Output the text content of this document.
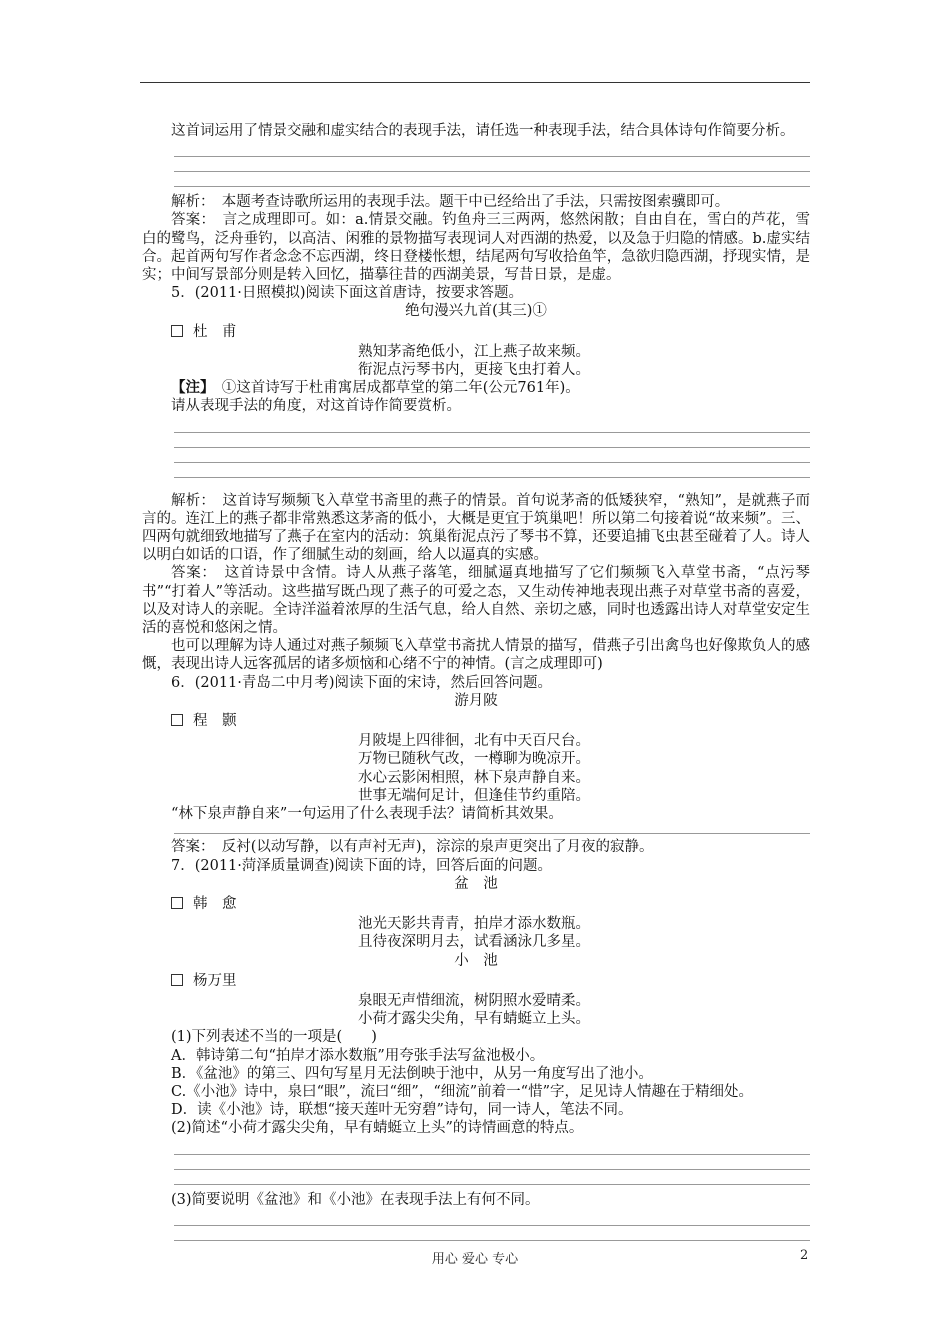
这首词运用了情景交融和虚实结合的表现手法，请任选一种表现手法，结合具体诗句作简要分析。

解析：　本题考查诗歌所运用的表现手法。题干中已经给出了手法，只需按图索骥即可。

答案：　言之成理即可。如：a.情景交融。钓鱼舟三三两两，悠然闲散；自由自在，雪白的芦花，雪白的鹭鸟，泛舟垂钓，以高洁、闲雅的景物描写表现词人对西湖的热爱，以及急于归隐的情感。b.虚实结合。起首两句写作者念念不忘西湖，终日登楼怅想，结尾两句写收拾鱼竿，急欲归隐西湖，抒现实情，是实；中间写景部分则是转入回忆，描摹往昔的西湖美景，写昔日景，是虚。

5．(2011·日照模拟)阅读下面这首唐诗，按要求答题。

绝句漫兴九首(其三)①

杜　甫

熟知茅斋绝低小，江上燕子故来频。

衔泥点污琴书内，更接飞虫打着人。

【注】　①这首诗写于杜甫寓居成都草堂的第二年(公元761年)。

请从表现手法的角度，对这首诗作简要赏析。

解析：　这首诗写频频飞入草堂书斋里的燕子的情景。首句说茅斋的低矮狭窄，“熟知”，是就燕子而言的。连江上的燕子都非常熟悉这茅斋的低小，大概是更宜于筑巢吧！所以第二句接着说“故来频”。三、四两句就细致地描写了燕子在室内的活动：筑巢衔泥点污了琴书不算，还要追捕飞虫甚至碰着了人。诗人以明白如话的口语，作了细腻生动的刻画，给人以逼真的实感。

答案：　这首诗景中含情。诗人从燕子落笔，细腻逼真地描写了它们频频飞入草堂书斋，“点污琴书”“打着人”等活动。这些描写既凸现了燕子的可爱之态，又生动传神地表现出燕子对草堂书斋的喜爱，以及对诗人的亲昵。全诗洋溢着浓厚的生活气息，给人自然、亲切之感，同时也透露出诗人对草堂安定生活的喜悦和悠闲之情。

也可以理解为诗人通过对燕子频频飞入草堂书斋扰人情景的描写，借燕子引出禽鸟也好像欺负人的感慨，表现出诗人远客孤居的诸多烦恼和心绪不宁的神情。(言之成理即可)

6．(2011·青岛二中月考)阅读下面的宋诗，然后回答问题。

游月陂

程　颢

月陂堤上四徘徊，北有中天百尺台。

万物已随秋气改，一樽聊为晚凉开。

水心云影闲相照，林下泉声静自来。

世事无端何足计，但逢佳节约重陪。

“林下泉声静自来”一句运用了什么表现手法？请简析其效果。

答案：　反衬(以动写静，以有声衬无声)，淙淙的泉声更突出了月夜的寂静。

7．(2011·菏泽质量调查)阅读下面的诗，回答后面的问题。

盆　池

韩　愈

池光天影共青青，拍岸才添水数瓶。

且待夜深明月去，试看涵泳几多星。

小　池

杨万里

泉眼无声惜细流，树阴照水爱晴柔。

小荷才露尖尖角，早有蜻蜓立上头。

(1)下列表述不当的一项是(　　)

A．韩诗第二句“拍岸才添水数瓶”用夸张手法写盆池极小。

B．《盆池》的第三、四句写星月无法倒映于池中，从另一角度写出了池小。

C.《小池》诗中，泉曰“眼”，流曰“细”，“细流”前着一“惜”字，足见诗人情趣在于精细处。

D．读《小池》诗，联想“接天莲叶无穷碧”诗句，同一诗人，笔法不同。

(2)简述“小荷才露尖尖角，早有蜻蜓立上头”的诗情画意的特点。

(3)简要说明《盆池》和《小池》在表现手法上有何不同。

用心 爱心 专心	2
